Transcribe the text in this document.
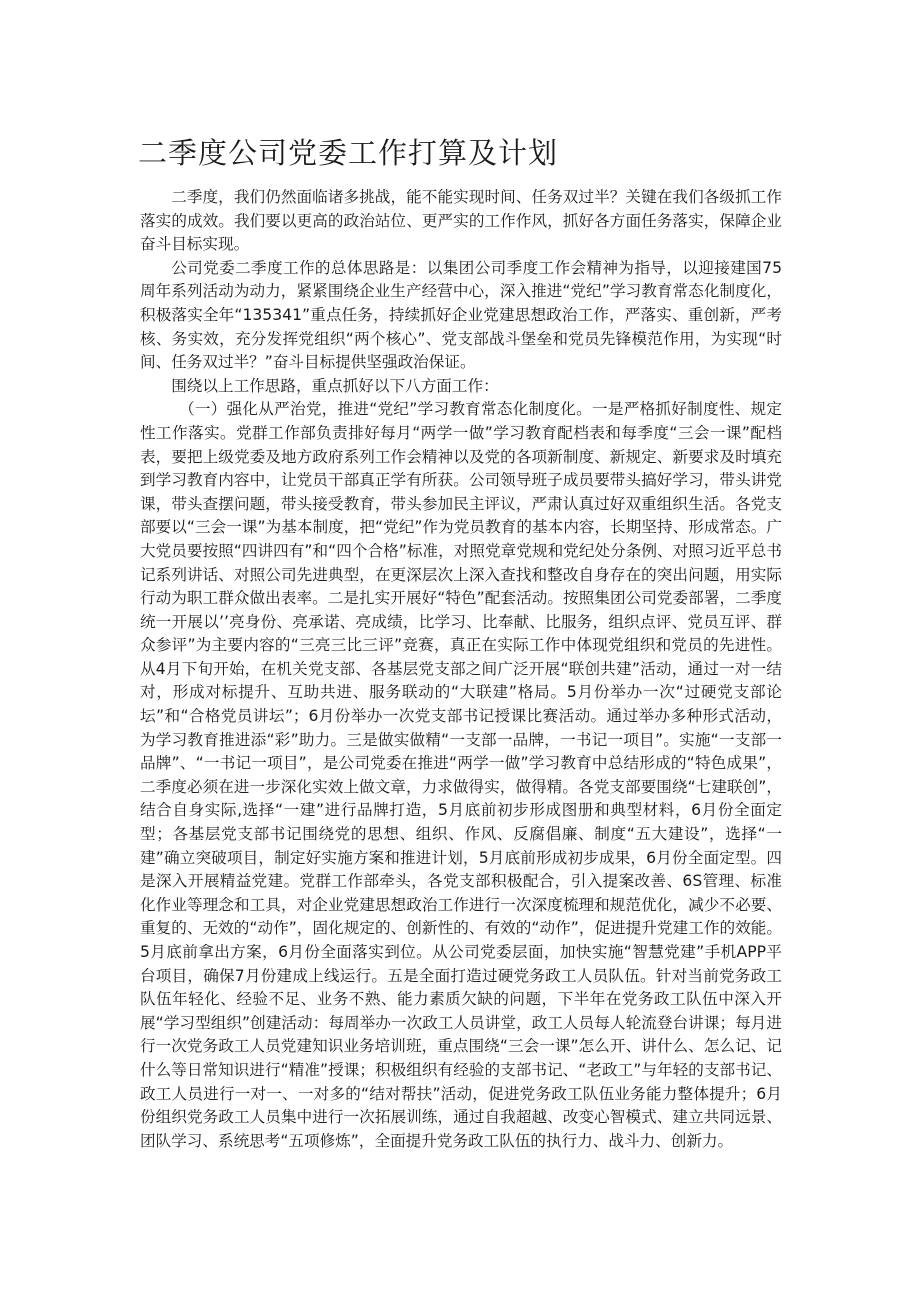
二季度公司党委工作打算及计划

二季度，我们仍然面临诸多挑战，能不能实现时间、任务双过半？关键在我们各级抓工作落实的成效。我们要以更高的政治站位、更严实的工作作风，抓好各方面任务落实，保障企业奋斗目标实现。

公司党委二季度工作的总体思路是：以集团公司季度工作会精神为指导，以迎接建国75周年系列活动为动力，紧紧围绕企业生产经营中心，深入推进“党纪”学习教育常态化制度化，积极落实全年“135341”重点任务，持续抓好企业党建思想政治工作，严落实、重创新，严考核、务实效，充分发挥党组织“两个核心”、党支部战斗堡垒和党员先锋模范作用，为实现“时间、任务双过半？”奋斗目标提供坚强政治保证。

围绕以上工作思路，重点抓好以下八方面工作：

（一）强化从严治党，推进“党纪”学习教育常态化制度化。一是严格抓好制度性、规定性工作落实。党群工作部负责排好每月“两学一做”学习教育配档表和每季度“三会一课”配档表，要把上级党委及地方政府系列工作会精神以及党的各项新制度、新规定、新要求及时填充到学习教育内容中，让党员干部真正学有所获。公司领导班子成员要带头搞好学习，带头讲党课，带头查摆问题，带头接受教育，带头参加民主评议，严肃认真过好双重组织生活。各党支部要以“三会一课”为基本制度，把“党纪”作为党员教育的基本内容，长期坚持、形成常态。广大党员要按照“四讲四有”和“四个合格”标准，对照党章党规和党纪处分条例、对照习近平总书记系列讲话、对照公司先进典型，在更深层次上深入查找和整改自身存在的突出问题，用实际行动为职工群众做出表率。二是扎实开展好“特色”配套活动。按照集团公司党委部署，二季度统一开展以’’亮身份、亮承诺、亮成绩，比学习、比奉献、比服务，组织点评、党员互评、群众参评”为主要内容的“三亮三比三评”竞赛，真正在实际工作中体现党组织和党员的先进性。从4月下旬开始，在机关党支部、各基层党支部之间广泛开展“联创共建”活动，通过一对一结对，形成对标提升、互助共进、服务联动的“大联建”格局。5月份举办一次“过硬党支部论坛”和“合格党员讲坛”；6月份举办一次党支部书记授课比赛活动。通过举办多种形式活动，为学习教育推进添“彩”助力。三是做实做精“一支部一品牌，一书记一项目”。实施“一支部一品牌”、“一书记一项目”，是公司党委在推进“两学一做”学习教育中总结形成的“特色成果”，二季度必须在进一步深化实效上做文章，力求做得实，做得精。各党支部要围绕“七建联创”，结合自身实际,选择“一建”进行品牌打造，5月底前初步形成图册和典型材料，6月份全面定型；各基层党支部书记围绕党的思想、组织、作风、反腐倡廉、制度“五大建设”，选择“一建”确立突破项目，制定好实施方案和推进计划，5月底前形成初步成果，6月份全面定型。四是深入开展精益党建。党群工作部牵头，各党支部积极配合，引入提案改善、6S管理、标准化作业等理念和工具，对企业党建思想政治工作进行一次深度梳理和规范优化，减少不必要、重复的、无效的“动作”，固化规定的、创新性的、有效的“动作”，促进提升党建工作的效能。5月底前拿出方案，6月份全面落实到位。从公司党委层面，加快实施“智慧党建”手机APP平台项目，确保7月份建成上线运行。五是全面打造过硬党务政工人员队伍。针对当前党务政工队伍年轻化、经验不足、业务不熟、能力素质欠缺的问题，下半年在党务政工队伍中深入开展“学习型组织”创建活动：每周举办一次政工人员讲堂，政工人员每人轮流登台讲课；每月进行一次党务政工人员党建知识业务培训班，重点围绕“三会一课”怎么开、讲什么、怎么记、记什么等日常知识进行“精准”授课；积极组织有经验的支部书记、“老政工”与年轻的支部书记、政工人员进行一对一、一对多的“结对帮扶”活动，促进党务政工队伍业务能力整体提升；6月份组织党务政工人员集中进行一次拓展训练，通过自我超越、改变心智模式、建立共同远景、团队学习、系统思考“五项修炼”，全面提升党务政工队伍的执行力、战斗力、创新力。
